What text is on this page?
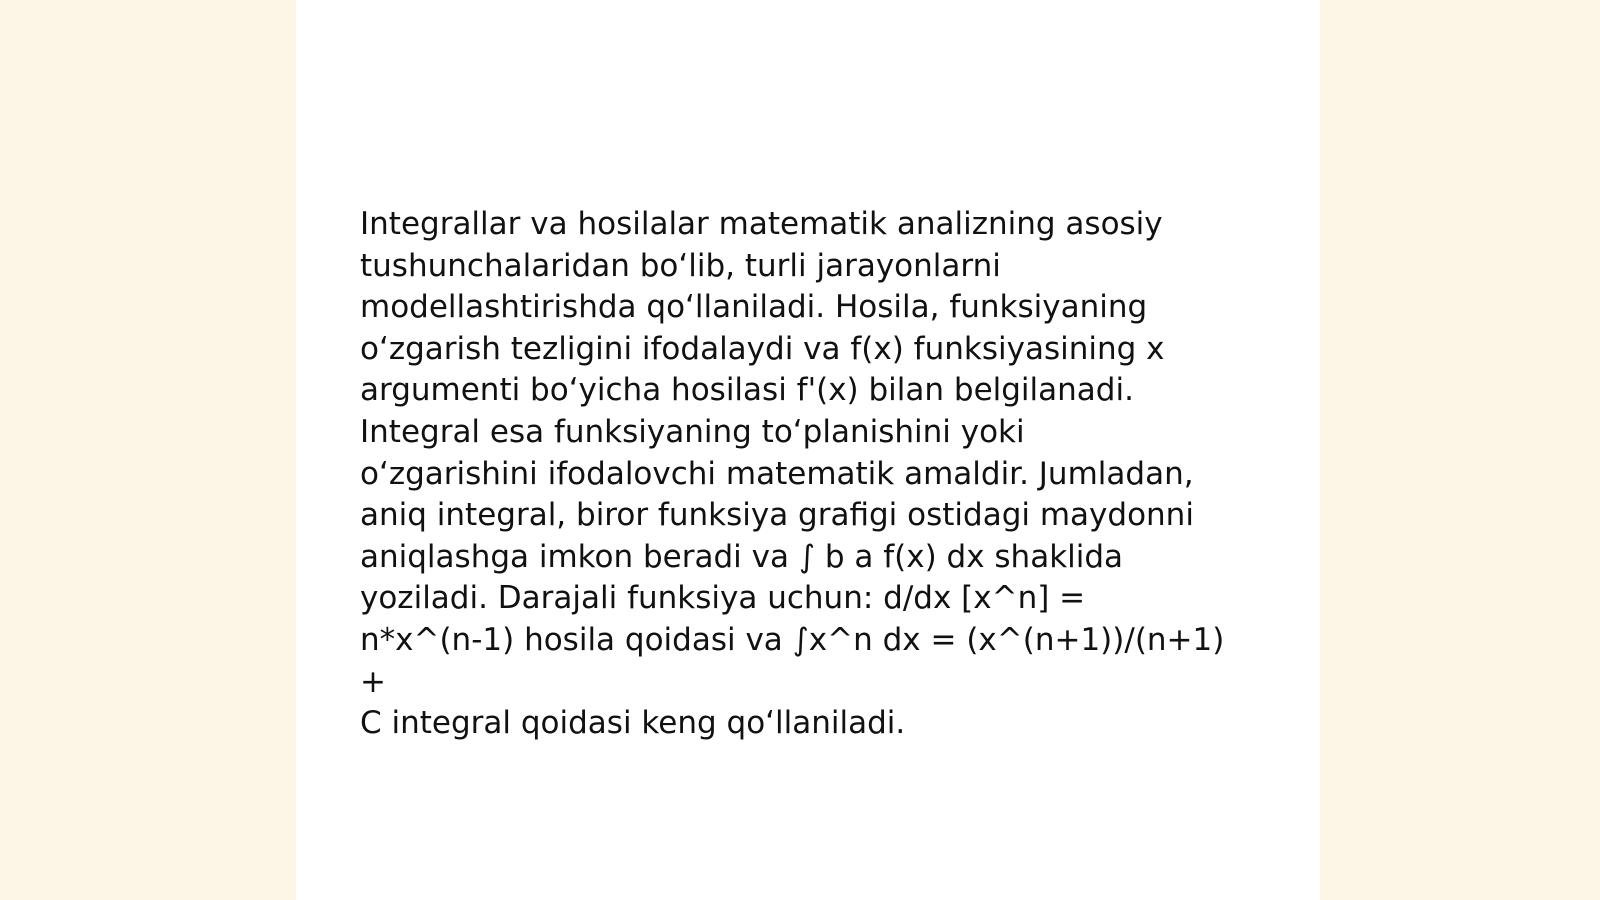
Integrallar va hosilalar matematik analizning asosiy
tushunchalaridan bo‘lib, turli jarayonlarni
modellashtirishda qo‘llaniladi. Hosila, funksiyaning
o‘zgarish tezligini ifodalaydi va f(x) funksiyasining x
argumenti bo‘yicha hosilasi f'(x) bilan belgilanadi.
Integral esa funksiyaning to‘planishini yoki
o‘zgarishini ifodalovchi matematik amaldir. Jumladan,
aniq integral, biror funksiya grafigi ostidagi maydonni
aniqlashga imkon beradi va ∫ b a f(x) dx shaklida
yoziladi. Darajali funksiya uchun: d/dx [x^n] =
n*x^(n-1) hosila qoidasi va ∫x^n dx = (x^(n+1))/(n+1) +
C integral qoidasi keng qo‘llaniladi.
